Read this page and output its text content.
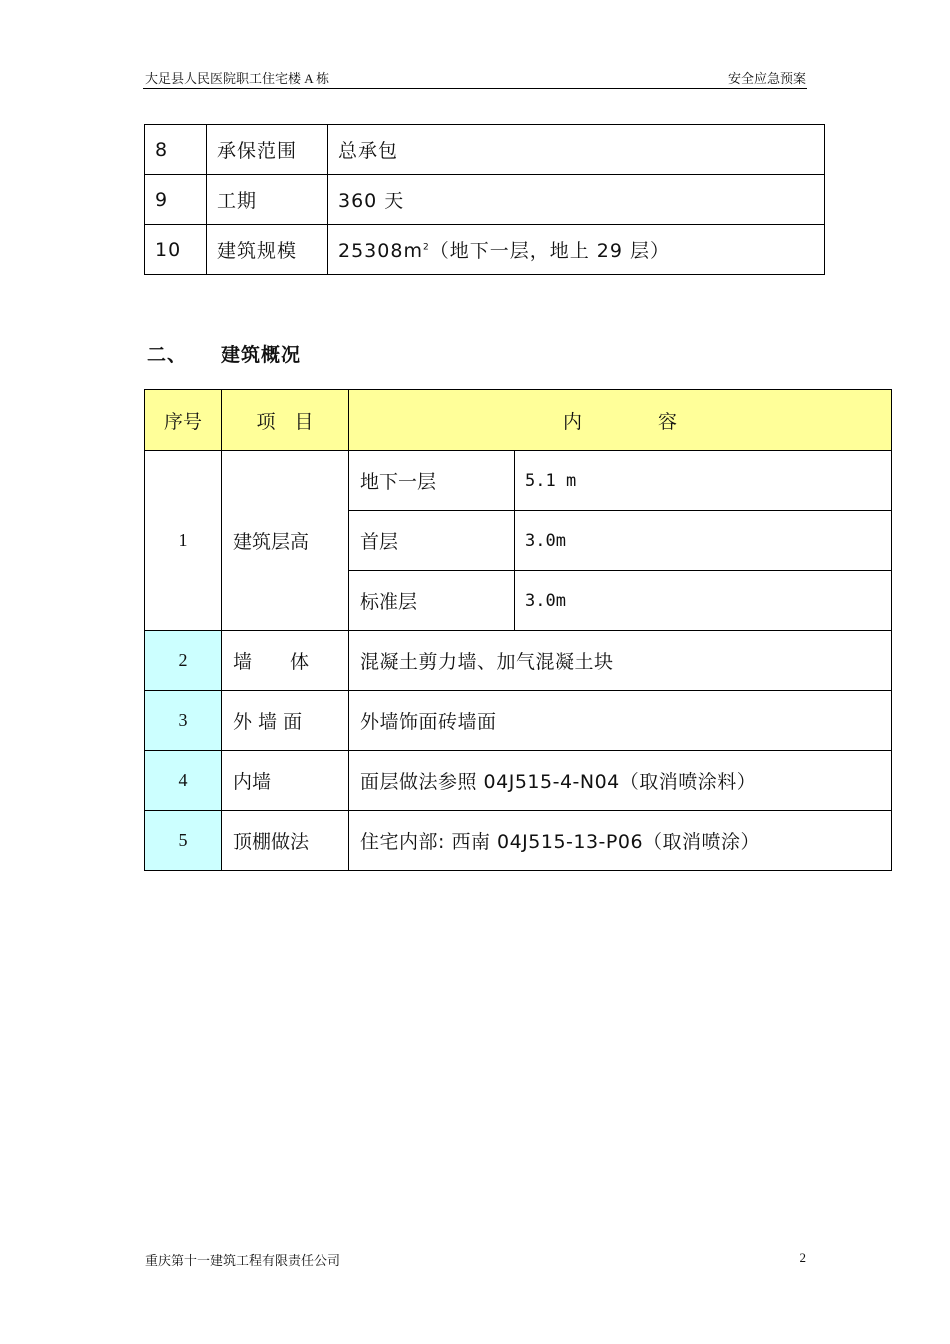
大足县人民医院职工住宅楼 A 栋	安全应急预案
8	承保范围	总承包
9	工期	360 天
10	建筑规模	$25308m^2$（地下一层，地上 29 层）
二、 建筑概况
序号	项　目	内　　　　容	
1	建筑层高	地下一层	5.1 m
		首层	3.0m
		标准层	3.0m
2	墙　　体	混凝土剪力墙、加气混凝土块	
3	外 墙 面	外墙饰面砖墙面	
4	内墙	面层做法参照 04J515-4-N04（取消喷涂料）	
5	顶棚做法	住宅内部: 西南 04J515-13-P06（取消喷涂）	
重庆第十一建筑工程有限责任公司	2
